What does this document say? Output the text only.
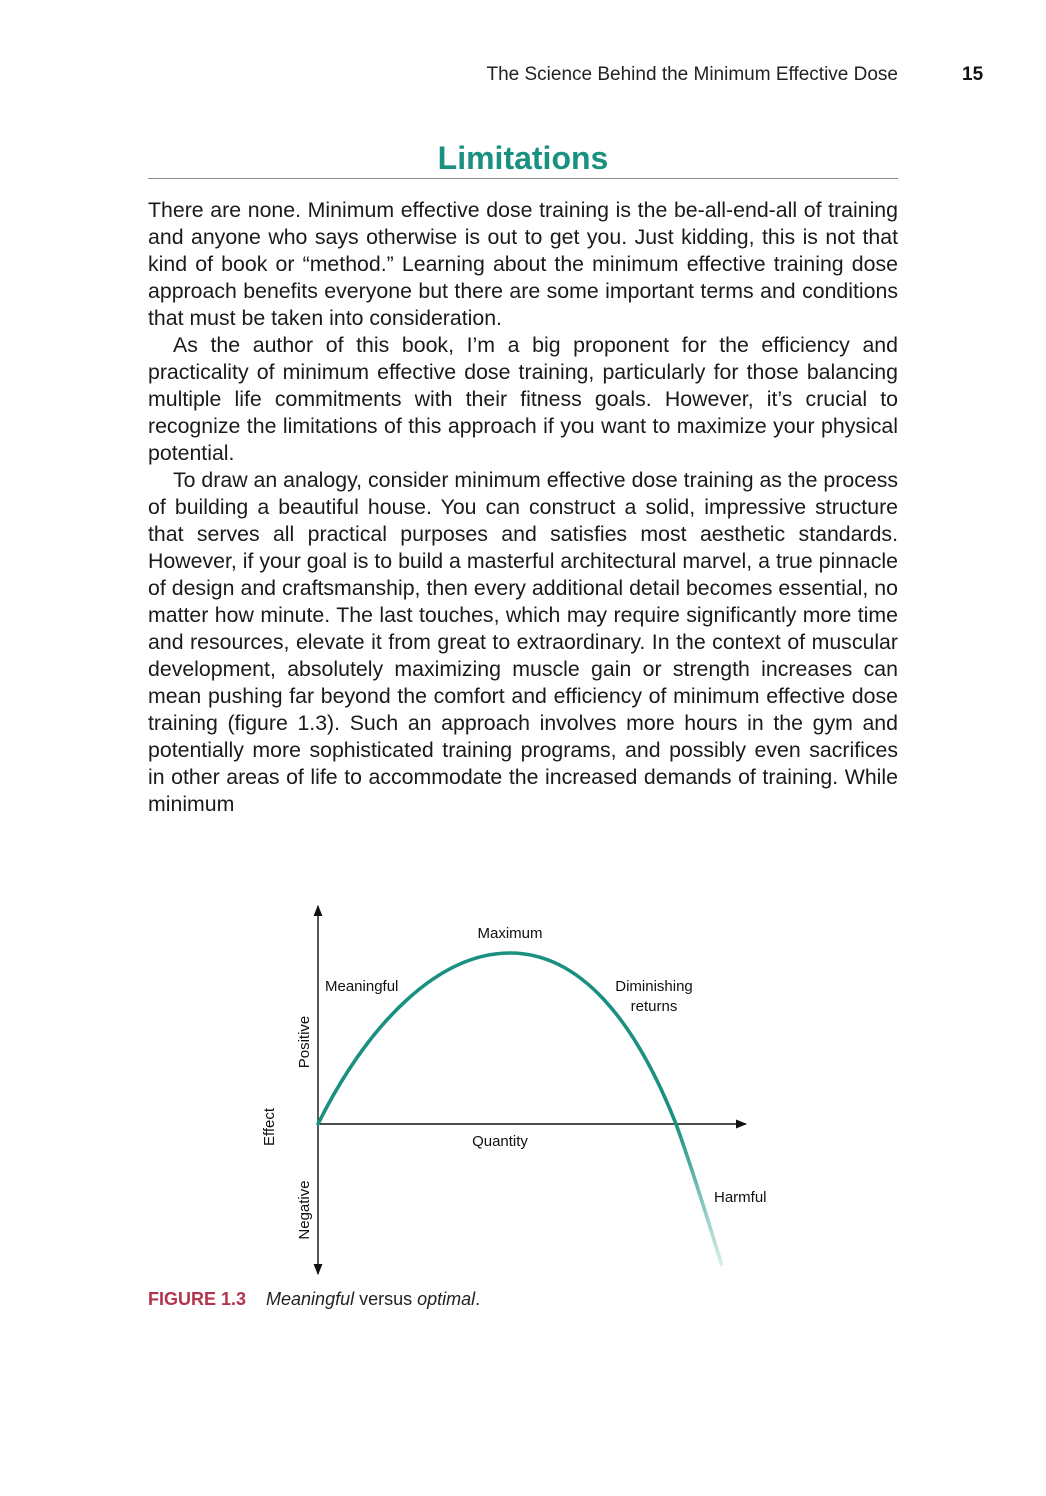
The Science Behind the Minimum Effective Dose	15
Limitations

There are none. Minimum effective dose training is the be-all-end-all of training and anyone who says otherwise is out to get you. Just kidding, this is not that kind of book or “method.” Learning about the minimum effective training dose approach benefits everyone but there are some important terms and conditions that must be taken into consideration.

As the author of this book, I’m a big proponent for the efficiency and practicality of minimum effective dose training, particularly for those balancing multiple life commitments with their fitness goals. However, it’s crucial to recognize the limitations of this approach if you want to maximize your physical potential.

To draw an analogy, consider minimum effective dose training as the process of building a beautiful house. You can construct a solid, impressive structure that serves all practical purposes and satisfies most aesthetic standards. However, if your goal is to build a masterful architectural marvel, a true pinnacle of design and craftsmanship, then every additional detail becomes essential, no matter how minute. The last touches, which may require significantly more time and resources, elevate it from great to extraordinary. In the context of muscular development, absolutely maximizing muscle gain or strength increases can mean pushing far beyond the comfort and efficiency of minimum effective dose training (figure 1.3). Such an approach involves more hours in the gym and potentially more sophisticated training programs, and possibly even sacrifices in other areas of life to accommodate the increased demands of training. While minimum

Maximum
Meaningful	Diminishing
returns
Quantity
Harmful
Effect
Positive
Negative
FIGURE 1.3 Meaningful versus optimal.
